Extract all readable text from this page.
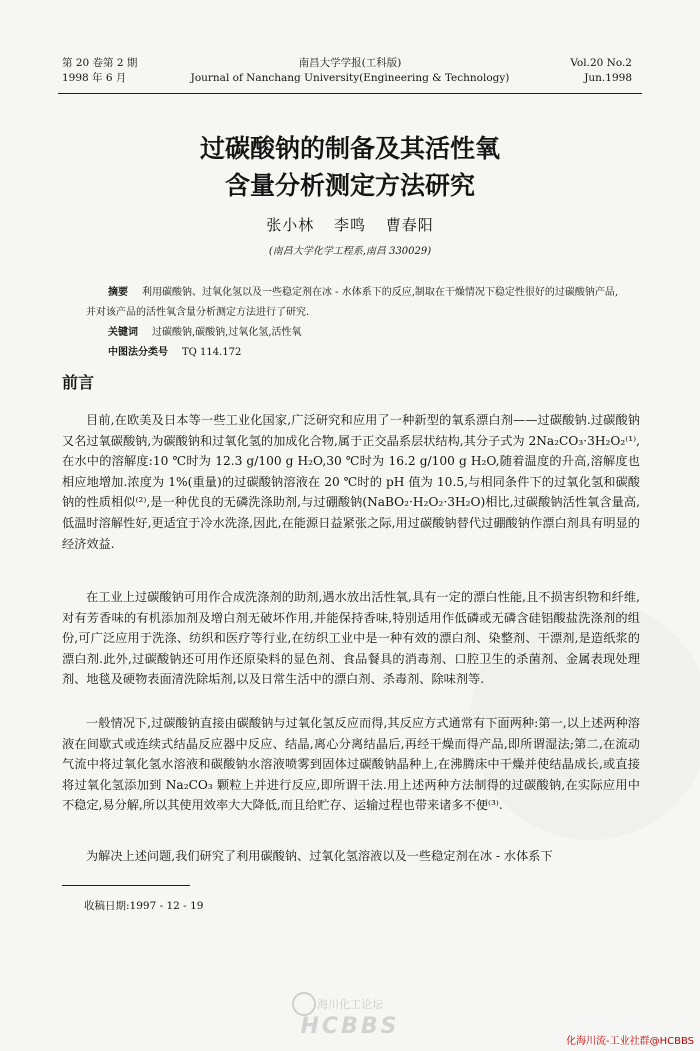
第 20 卷第 2 期
1998 年 6 月
南昌大学学报(工科版)
Journal of Nanchang University(Engineering & Technology)
Vol.20 No.2
Jun.1998
过碳酸钠的制备及其活性氧
含量分析测定方法研究
张小林 李鸣 曹春阳
(南昌大学化学工程系,南昌 330029)
摘要 利用碳酸钠、过氧化氢以及一些稳定剂在冰 - 水体系下的反应,制取在干燥情况下稳定性很好的过碳酸钠产品,并对该产品的活性氧含量分析测定方法进行了研究.
关键词 过碳酸钠,碳酸钠,过氧化氢,活性氧
中图法分类号 TQ 114.172
前言

目前,在欧美及日本等一些工业化国家,广泛研究和应用了一种新型的氧系漂白剂——过碳酸钠.过碳酸钠又名过氧碳酸钠,为碳酸钠和过氧化氢的加成化合物,属于正交晶系层状结构,其分子式为 2Na₂CO₃·3H₂O₂⁽¹⁾,在水中的溶解度:10 ℃时为 12.3 g/100 g H₂O,30 ℃时为 16.2 g/100 g H₂O,随着温度的升高,溶解度也相应地增加.浓度为 1%(重量)的过碳酸钠溶液在 20 ℃时的 pH 值为 10.5,与相同条件下的过氧化氢和碳酸钠的性质相似⁽²⁾,是一种优良的无磷洗涤助剂,与过硼酸钠(NaBO₂·H₂O₂·3H₂O)相比,过碳酸钠活性氧含量高,低温时溶解性好,更适宜于冷水洗涤,因此,在能源日益紧张之际,用过碳酸钠替代过硼酸钠作漂白剂具有明显的经济效益.

在工业上过碳酸钠可用作合成洗涤剂的助剂,遇水放出活性氧,具有一定的漂白性能,且不损害织物和纤维,对有芳香味的有机添加剂及增白剂无破坏作用,并能保持香味,特别适用作低磷或无磷含硅铝酸盐洗涤剂的组份,可广泛应用于洗涤、纺织和医疗等行业,在纺织工业中是一种有效的漂白剂、染整剂、干漂剂,是造纸浆的漂白剂.此外,过碳酸钠还可用作还原染料的显色剂、食品餐具的消毒剂、口腔卫生的杀菌剂、金属表现处理剂、地毯及硬物表面清洗除垢剂,以及日常生活中的漂白剂、杀毒剂、除味剂等.

一般情况下,过碳酸钠直接由碳酸钠与过氧化氢反应而得,其反应方式通常有下面两种:第一,以上述两种溶液在间歇式或连续式结晶反应器中反应、结晶,离心分离结晶后,再经干燥而得产品,即所谓湿法;第二,在流动气流中将过氧化氢水溶液和碳酸钠水溶液喷雾到固体过碳酸钠晶种上,在沸腾床中干燥并使结晶成长,或直接将过氧化氢添加到 Na₂CO₃ 颗粒上并进行反应,即所谓干法.用上述两种方法制得的过碳酸钠,在实际应用中不稳定,易分解,所以其使用效率大大降低,而且给贮存、运输过程也带来诸多不便⁽³⁾.

为解决上述问题,我们研究了利用碳酸钠、过氧化氢溶液以及一些稳定剂在冰 - 水体系下

收稿日期:1997 - 12 - 19
海川化工论坛
HCBBS
化海川流-工业社群@HCBBS
